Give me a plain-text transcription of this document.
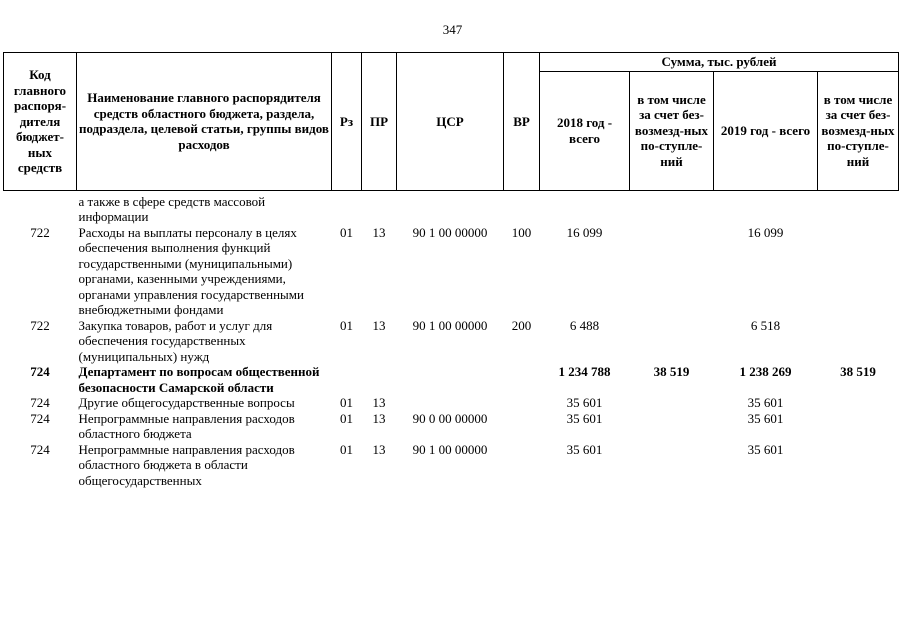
347
Код главного распоря-дителя бюджет-ных средств	Наименование главного распорядителя средств областного бюджета, раздела, подраздела, целевой статьи, группы видов расходов	Рз	ПР	ЦСР	ВР	Сумма, тыс. рублей			
						2018 год - всего	в том числе за счет без-возмезд-ных по-ступле-ний	2019 год - всего	в том числе за счет без-возмезд-ных по-ступле-ний

	а также в сфере средств массовой информации								
722	Расходы на выплаты персоналу в целях обеспечения выполнения функций государственными (муниципальными) органами, казенными учреждениями, органами управления государственными внебюджетными фондами	01	13	90 1 00 00000	100	16 099		16 099	
722	Закупка товаров, работ и услуг для обеспечения государственных (муниципальных) нужд	01	13	90 1 00 00000	200	6 488		6 518	
724	Департамент по вопросам общественной безопасности Самарской области					1 234 788	38 519	1 238 269	38 519
724	Другие общегосударственные вопросы	01	13			35 601		35 601	
724	Непрограммные направления расходов областного бюджета	01	13	90 0 00 00000		35 601		35 601	
724	Непрограммные направления расходов областного бюджета в области общегосударственных	01	13	90 1 00 00000		35 601		35 601	
